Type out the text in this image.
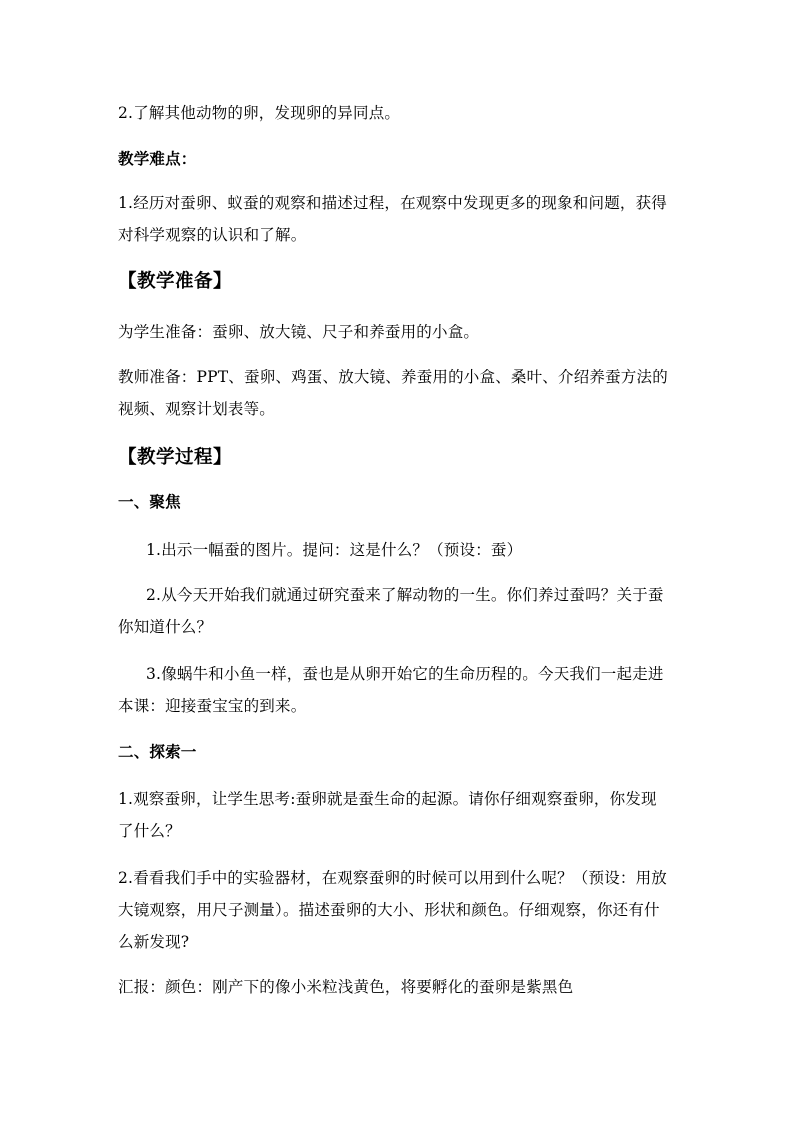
2.了解其他动物的卵，发现卵的异同点。
教学难点：
1.经历对蚕卵、蚁蚕的观察和描述过程，在观察中发现更多的现象和问题，获得
对科学观察的认识和了解。
【教学准备】
为学生准备：蚕卵、放大镜、尺子和养蚕用的小盒。
教师准备：PPT、蚕卵、鸡蛋、放大镜、养蚕用的小盒、桑叶、介绍养蚕方法的
视频、观察计划表等。
【教学过程】
一、聚焦
1.出示一幅蚕的图片。提问：这是什么？（预设：蚕）
2.从今天开始我们就通过研究蚕来了解动物的一生。你们养过蚕吗？关于蚕
你知道什么？
3.像蜗牛和小鱼一样，蚕也是从卵开始它的生命历程的。今天我们一起走进
本课：迎接蚕宝宝的到来。
二、探索一
1.观察蚕卵，让学生思考:蚕卵就是蚕生命的起源。请你仔细观察蚕卵，你发现
了什么？
2.看看我们手中的实验器材，在观察蚕卵的时候可以用到什么呢？（预设：用放
大镜观察，用尺子测量）。描述蚕卵的大小、形状和颜色。仔细观察，你还有什
么新发现?
汇报：颜色：刚产下的像小米粒浅黄色，将要孵化的蚕卵是紫黑色
